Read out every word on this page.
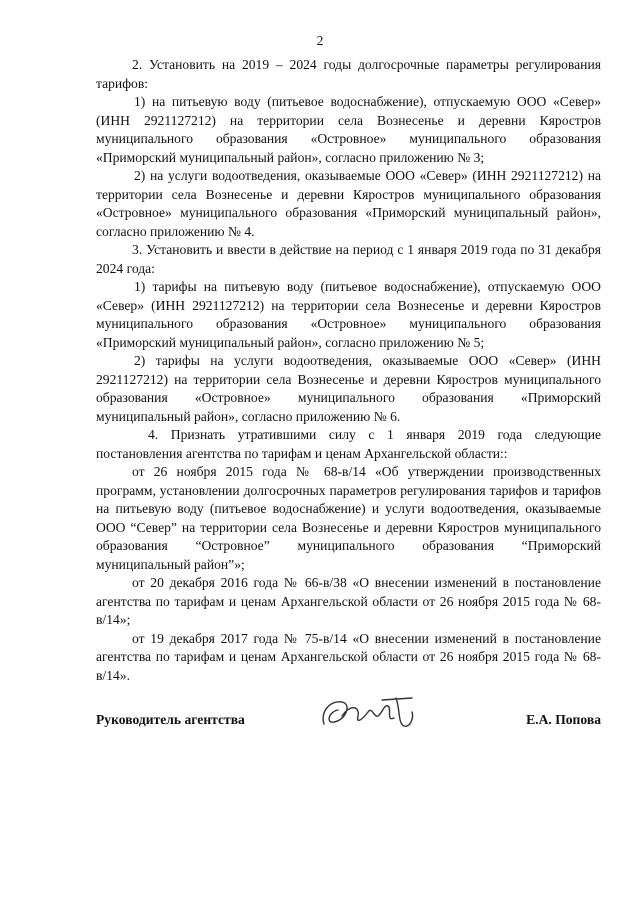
2

2. Установить на 2019 – 2024 годы долгосрочные параметры регулирования тарифов:

1) на питьевую воду (питьевое водоснабжение), отпускаемую ООО «Север» (ИНН 2921127212) на территории села Вознесенье и деревни Кяростров муниципального образования «Островное» муниципального образования «Приморский муниципальный район», согласно приложению № 3;

2) на услуги водоотведения, оказываемые ООО «Север» (ИНН 2921127212) на территории села Вознесенье и деревни Кяростров муниципального образования «Островное» муниципального образования «Приморский муниципальный район», согласно приложению № 4.

3. Установить и ввести в действие на период с 1 января 2019 года по 31 декабря 2024 года:

1) тарифы на питьевую воду (питьевое водоснабжение), отпускаемую ООО «Север» (ИНН 2921127212) на территории села Вознесенье и деревни Кяростров муниципального образования «Островное» муниципального образования «Приморский муниципальный район», согласно приложению № 5;

2) тарифы на услуги водоотведения, оказываемые ООО «Север» (ИНН 2921127212) на территории села Вознесенье и деревни Кяростров муниципального образования «Островное» муниципального образования «Приморский муниципальный район», согласно приложению № 6.

4. Признать утратившими силу с 1 января 2019 года следующие постановления агентства по тарифам и ценам Архангельской области::

от 26 ноября 2015 года № 68-в/14 «Об утверждении производственных программ, установлении долгосрочных параметров регулирования тарифов и тарифов на питьевую воду (питьевое водоснабжение) и услуги водоотведения, оказываемые ООО “Север” на территории села Вознесенье и деревни Кяростров муниципального образования “Островное” муниципального образования “Приморский муниципальный район”»;

от 20 декабря 2016 года № 66-в/38 «О внесении изменений в постановление агентства по тарифам и ценам Архангельской области от 26 ноября 2015 года № 68-в/14»;

от 19 декабря 2017 года № 75-в/14 «О внесении изменений в постановление агентства по тарифам и ценам Архангельской области от 26 ноября 2015 года № 68-в/14».

Руководитель агентства	Е.А. Попова
